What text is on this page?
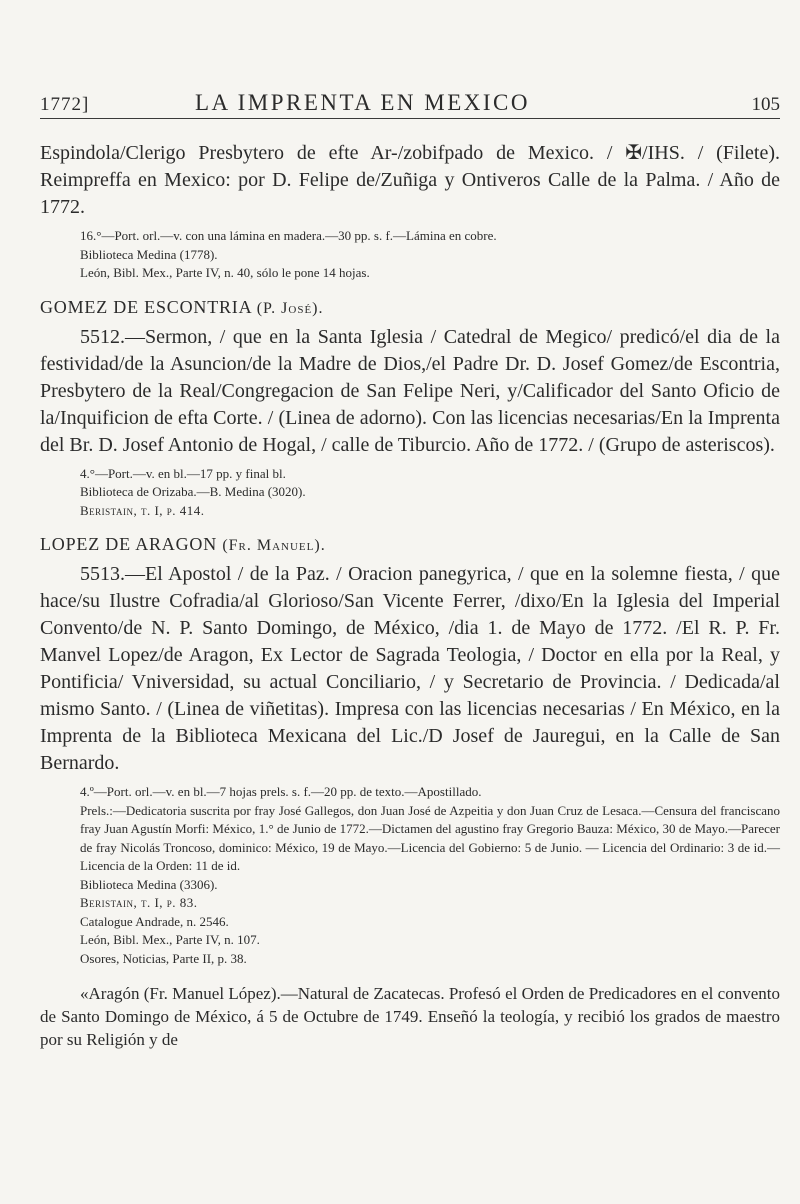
1772]	LA IMPRENTA EN MEXICO	105

Espindola/Clerigo Presbytero de efte Ar-/zobifpado de Mexico. / ✠/IHS. / (Filete). Reimpreffa en Mexico: por D. Felipe de/Zuñiga y Ontiveros Calle de la Palma. / Año de 1772.

16.°—Port. orl.—v. con una lámina en madera.—30 pp. s. f.—Lámina en cobre.

Biblioteca Medina (1778).

León, Bibl. Mex., Parte IV, n. 40, sólo le pone 14 hojas.

GOMEZ DE ESCONTRIA (P. José).

5512.—Sermon, / que en la Santa Iglesia / Catedral de Megico/ predicó/el dia de la festividad/de la Asuncion/de la Madre de Dios,/el Padre Dr. D. Josef Gomez/de Escontria, Presbytero de la Real/Congregacion de San Felipe Neri, y/Calificador del Santo Oficio de la/Inquificion de efta Corte. / (Linea de adorno). Con las licencias necesarias/En la Imprenta del Br. D. Josef Antonio de Hogal, / calle de Tiburcio. Año de 1772. / (Grupo de asteriscos).

4.°—Port.—v. en bl.—17 pp. y final bl.

Biblioteca de Orizaba.—B. Medina (3020).

Beristain, t. I, p. 414.

LOPEZ DE ARAGON (Fr. Manuel).

5513.—El Apostol / de la Paz. / Oracion panegyrica, / que en la solemne fiesta, / que hace/su Ilustre Cofradia/al Glorioso/San Vicente Ferrer, /dixo/En la Iglesia del Imperial Convento/de N. P. Santo Domingo, de México, /dia 1. de Mayo de 1772. /El R. P. Fr. Manvel Lopez/de Aragon, Ex Lector de Sagrada Teologia, / Doctor en ella por la Real, y Pontificia/ Vniversidad, su actual Conciliario, / y Secretario de Provincia. / Dedicada/al mismo Santo. / (Linea de viñetitas). Impresa con las licencias necesarias / En México, en la Imprenta de la Biblioteca Mexicana del Lic./D Josef de Jauregui, en la Calle de San Bernardo.

4.º—Port. orl.—v. en bl.—7 hojas prels. s. f.—20 pp. de texto.—Apostillado.

Prels.:—Dedicatoria suscrita por fray José Gallegos, don Juan José de Azpeitia y don Juan Cruz de Lesaca.—Censura del franciscano fray Juan Agustín Morfi: México, 1.° de Junio de 1772.—Dictamen del agustino fray Gregorio Bauza: México, 30 de Mayo.—Parecer de fray Nicolás Troncoso, dominico: México, 19 de Mayo.—Licencia del Gobierno: 5 de Junio. — Licencia del Ordinario: 3 de id.—Licencia de la Orden: 11 de id.

Biblioteca Medina (3306).

Beristain, t. I, p. 83.

Catalogue Andrade, n. 2546.

León, Bibl. Mex., Parte IV, n. 107.

Osores, Noticias, Parte II, p. 38.

«Aragón (Fr. Manuel López).—Natural de Zacatecas. Profesó el Orden de Predicadores en el convento de Santo Domingo de México, á 5 de Octubre de 1749. Enseñó la teología, y recibió los grados de maestro por su Religión y de
